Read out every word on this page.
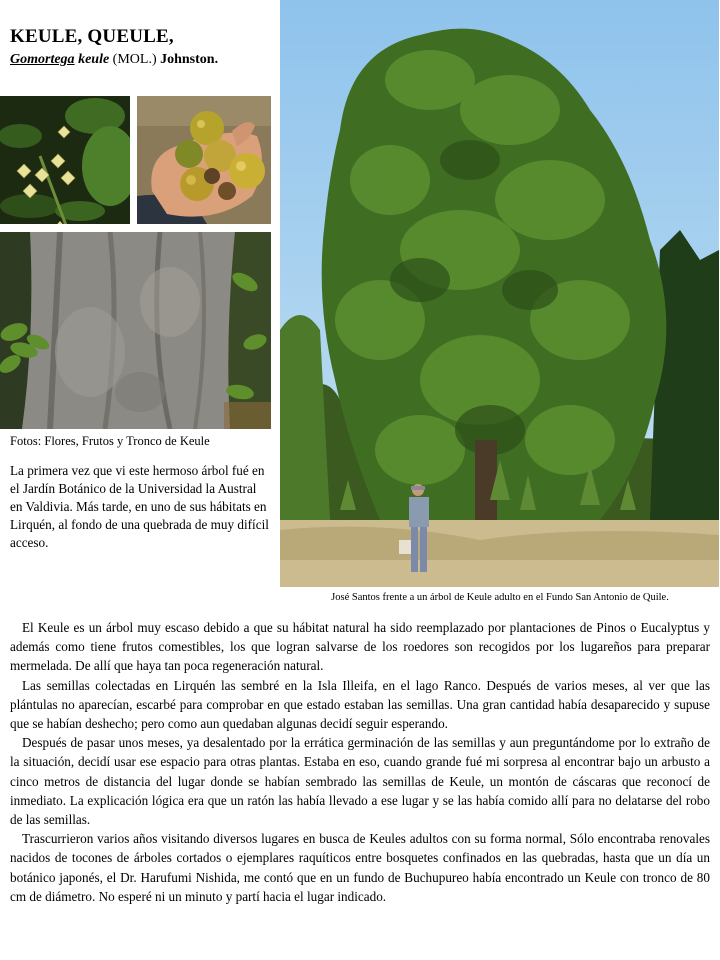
KEULE, QUEULE,
Gomortega keule (MOL.) Johnston.
Fotos: Flores, Frutos y Tronco de Keule

La primera vez que vi este hermoso árbol fué en el Jardín Botánico de la Universidad la Austral en Valdivia. Más tarde, en uno de sus hábitats en Lirquén, al fondo de una quebrada de muy difícil acceso.

José Santos frente a un árbol de Keule adulto en el Fundo San Antonio de Quile.

El Keule es un árbol muy escaso debido a que su hábitat natural ha sido reemplazado por plantaciones de Pinos o Eucalyptus y además como tiene frutos comestibles, los que logran salvarse de los roedores son recogidos por los lugareños para preparar mermelada. De allí que haya tan poca regeneración natural.

Las semillas colectadas en Lirquén las sembré en la Isla Illeifa, en el lago Ranco. Después de varios meses, al ver que las plántulas no aparecían, escarbé para comprobar en que estado estaban las semillas. Una gran cantidad había desaparecido y supuse que se habían deshecho; pero como aun quedaban algunas decidí seguir esperando.

Después de pasar unos meses, ya desalentado por la errática germinación de las semillas y aun preguntándome por lo extraño de la situación, decidí usar ese espacio para otras plantas. Estaba en eso, cuando grande fué mi sorpresa al encontrar bajo un arbusto a cinco metros de distancia del lugar donde se habían sembrado las semillas de Keule, un montón de cáscaras que reconocí de inmediato. La explicación lógica era que un ratón las había llevado a ese lugar y se las había comido allí para no delatarse del robo de las semillas.

Trascurrieron varios años visitando diversos lugares en busca de Keules adultos con su forma normal, Sólo encontraba renovales nacidos de tocones de árboles cortados o ejemplares raquíticos entre bosquetes confinados en las quebradas, hasta que un día un botánico japonés, el Dr. Harufumi Nishida, me contó que en un fundo de Buchupureo había encontrado un Keule con tronco de 80 cm de diámetro. No esperé ni un minuto y partí hacia el lugar indicado.
